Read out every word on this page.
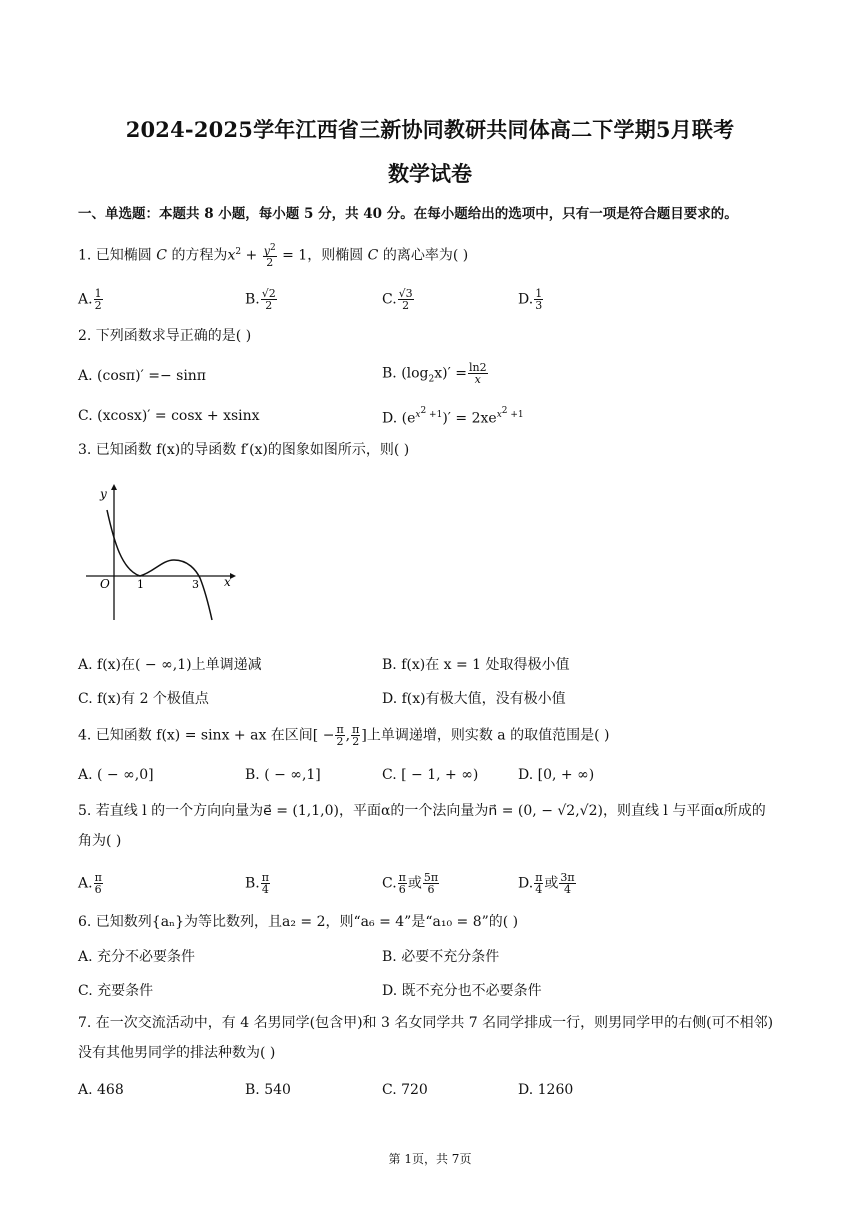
2024-2025学年江西省三新协同教研共同体高二下学期5月联考
数学试卷
一、单选题：本题共 8 小题，每小题 5 分，共 40 分。在每小题给出的选项中，只有一项是符合题目要求的。
1. 已知椭圆 C 的方程为$x^2 + \frac{y^2}{2} = 1$，则椭圆 C 的离心率为( )
A. $\frac{1}{2}$	B. $\frac{√2}{2}$	C. $\frac{√3}{2}$	D. $\frac{1}{3}$
2. 下列函数求导正确的是( )
A. (cosπ)′ =− sinπ	B. $(\log_2x)' = \frac{\ln 2}{x}$
C. (xcosx)′ = cosx + xsinx	D. $(e^{x^2 +1})' = 2xe^{x^2 +1}$
3. 已知函数 f(x)的导函数 f′(x)的图象如图所示，则( )
y
x
O 1	3
A. f(x)在( − ∞,1)上单调递减	B. f(x)在 x = 1 处取得极小值
C. f(x)有 2 个极值点	D. f(x)有极大值，没有极小值
4. 已知函数 f(x) = sinx + ax 在区间[ − $\frac{\pi}{2}$ , $\frac{\pi}{2}$ ]上单调递增，则实数 a 的取值范围是( )
A. ( − ∞,0]	B. ( − ∞,1]	C. [ − 1, + ∞)	D. [0, + ∞)
5. 若直线 l 的一个方向向量为e⃗ = (1,1,0)，平面α的一个法向量为n⃗ = (0, − √2,√2)，则直线 l 与平面α所成的角为( )
A. $\frac{\pi}{6}$	B. $\frac{\pi}{4}$	C. $\frac{\pi}{6}$ 或 $\frac{5\pi}{6}$	D. $\frac{\pi}{4}$ 或 $\frac{3\pi}{4}$
6. 已知数列{aₙ}为等比数列，且a₂ = 2，则“a₆ = 4”是“a₁₀ = 8”的( )
A. 充分不必要条件	B. 必要不充分条件
C. 充要条件	D. 既不充分也不必要条件
7. 在一次交流活动中，有 4 名男同学(包含甲)和 3 名女同学共 7 名同学排成一行，则男同学甲的右侧(可不相邻)没有其他男同学的排法种数为( )
A. 468	B. 540	C. 720	D. 1260
第 1页，共 7页
